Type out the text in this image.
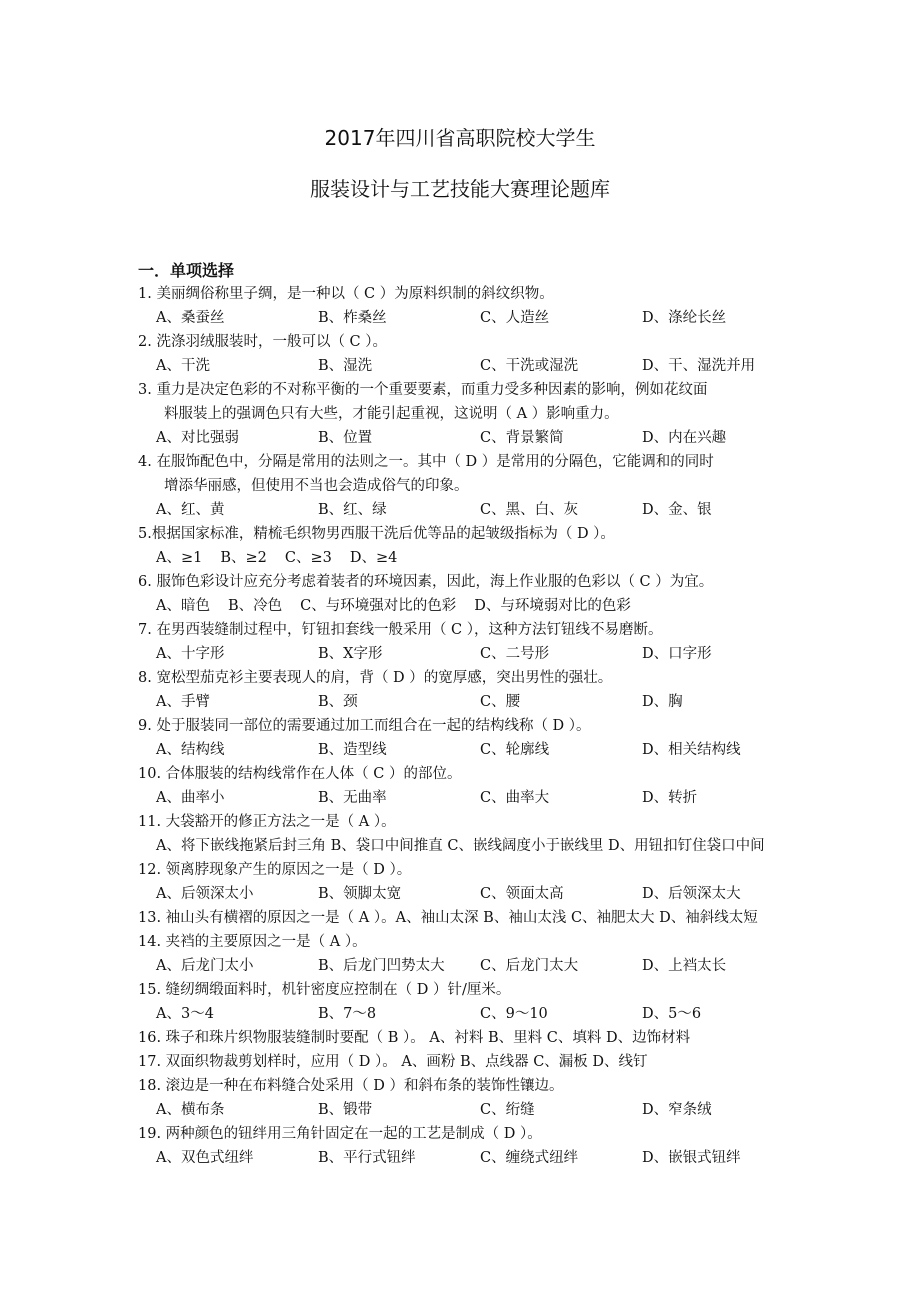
2017年四川省高职院校大学生
服装设计与工艺技能大赛理论题库
一．单项选择
1. 美丽绸俗称里子绸，是一种以（ C ）为原料织制的斜纹织物。
A、桑蚕丝	B、柞桑丝	C、人造丝	D、涤纶长丝
2. 洗涤羽绒服装时，一般可以（ C ）。
A、干洗	B、湿洗	C、干洗或湿洗	D、干、湿洗并用
3. 重力是决定色彩的不对称平衡的一个重要要素，而重力受多种因素的影响，例如花纹面
料服装上的强调色只有大些，才能引起重视，这说明（ A ）影响重力。
A、对比强弱	B、位置	C、背景繁简	D、内在兴趣
4. 在服饰配色中，分隔是常用的法则之一。其中（ D ）是常用的分隔色，它能调和的同时
增添华丽感，但使用不当也会造成俗气的印象。
A、红、黄	B、红、绿	C、黑、白、灰	D、金、银
5.根据国家标准，精梳毛织物男西服干洗后优等品的起皱级指标为（ D ）。
A、≥1 B、≥2 C、≥3 D、≥4
6. 服饰色彩设计应充分考虑着装者的环境因素，因此，海上作业服的色彩以（ C ）为宜。
A、暗色 B、冷色 C、与环境强对比的色彩 D、与环境弱对比的色彩
7. 在男西装缝制过程中，钉钮扣套线一般采用（ C ），这种方法钉钮线不易磨断。
A、十字形	B、X字形	C、二号形	D、口字形
8. 宽松型茄克衫主要表现人的肩，背（ D ）的宽厚感，突出男性的强壮。
A、手臂	B、颈	C、腰	D、胸
9. 处于服装同一部位的需要通过加工而组合在一起的结构线称（ D ）。
A、结构线	B、造型线	C、轮廓线	D、相关结构线
10. 合体服装的结构线常作在人体（ C ）的部位。
A、曲率小	B、无曲率	C、曲率大	D、转折
11. 大袋豁开的修正方法之一是（ A ）。
A、将下嵌线拖紧后封三角 B、袋口中间推直 C、嵌线阔度小于嵌线里 D、用钮扣钉住袋口中间
12. 领离脖现象产生的原因之一是（ D ）。
A、后领深太小	B、领脚太宽	C、领面太高	D、后领深太大
13. 袖山头有横褶的原因之一是（ A ）。A、袖山太深 B、袖山太浅 C、袖肥太大 D、袖斜线太短
14. 夹裆的主要原因之一是（ A ）。
A、后龙门太小	B、后龙门凹势太大	C、后龙门太大	D、上裆太长
15. 缝纫绸缎面料时，机针密度应控制在（ D ）针/厘米。
A、3～4	B、7～8	C、9～10	D、5～6
16. 珠子和珠片织物服装缝制时要配（ B ）。 A、衬料 B、里料 C、填料 D、边饰材料
17. 双面织物裁剪划样时，应用（ D ）。 A、画粉 B、点线器 C、漏板 D、线钉
18. 滚边是一种在布料缝合处采用（ D ）和斜布条的装饰性镶边。
A、横布条	B、锻带	C、绗缝	D、窄条绒
19. 两种颜色的钮绊用三角针固定在一起的工艺是制成（ D ）。
A、双色式纽绊	B、平行式钮绊	C、缠绕式纽绊	D、嵌银式钮绊
